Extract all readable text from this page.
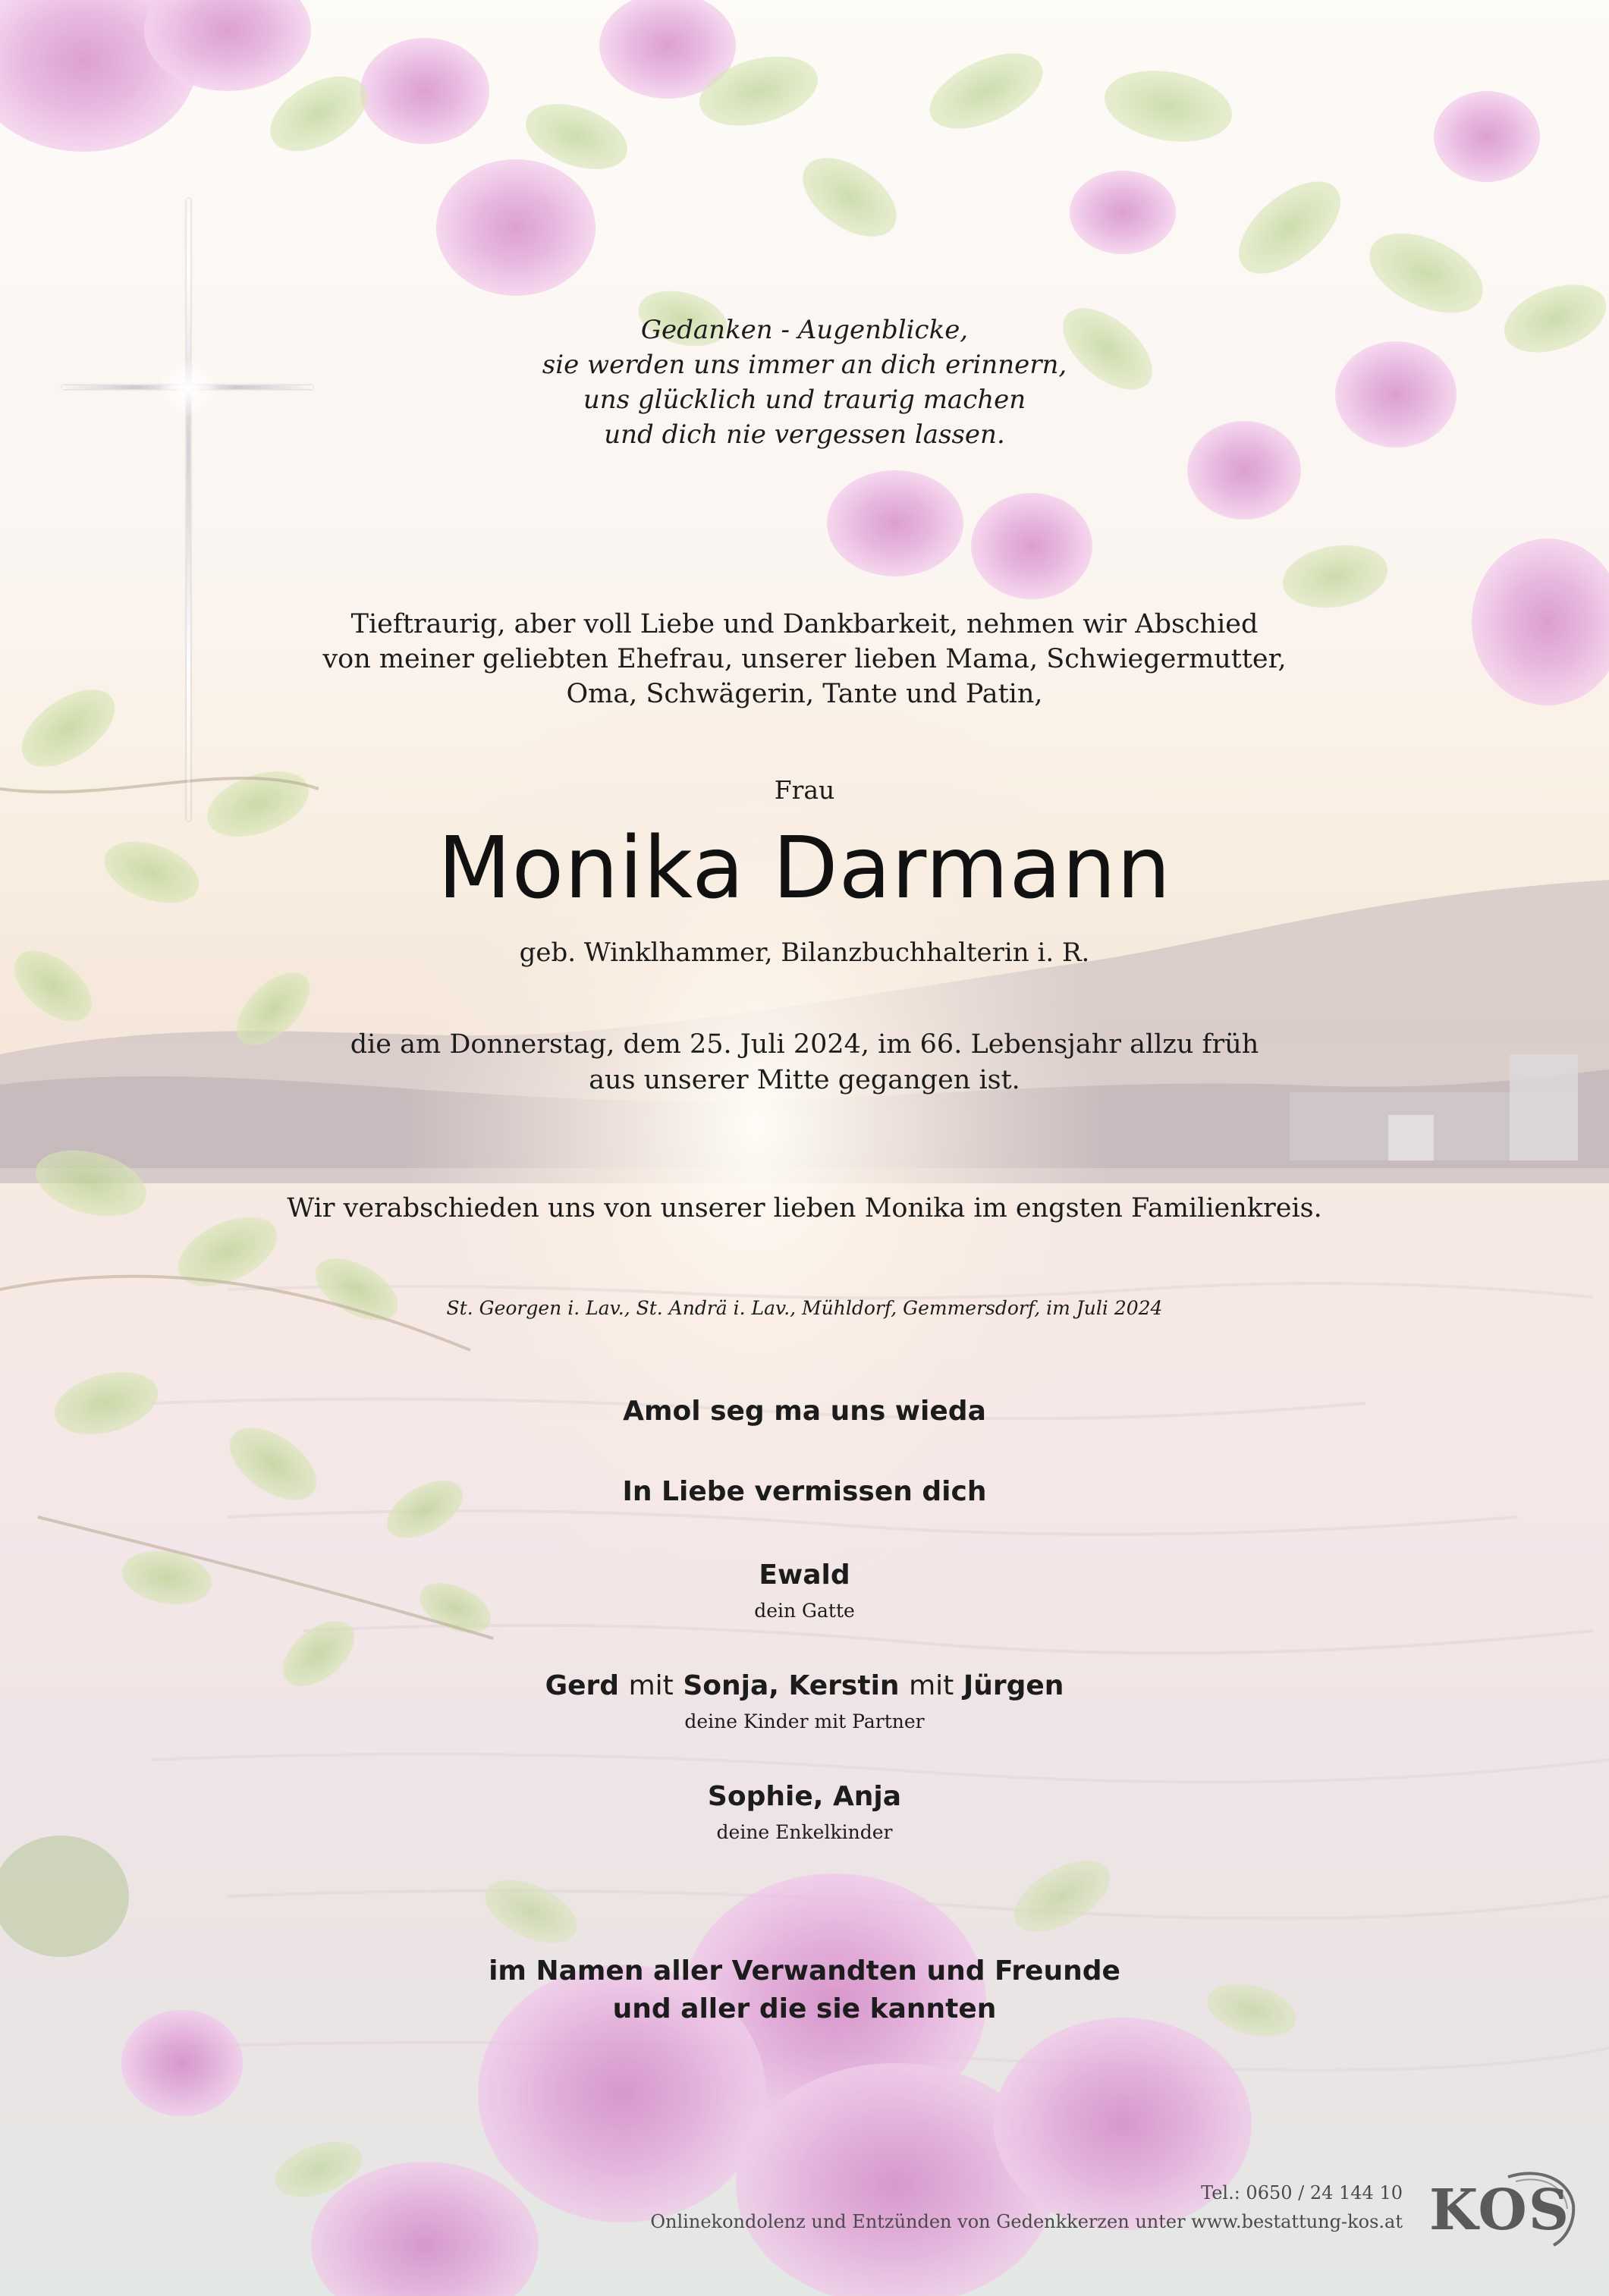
Gedanken - Augenblicke,
sie werden uns immer an dich erinnern,
uns glücklich und traurig machen
und dich nie vergessen lassen.
Tieftraurig, aber voll Liebe und Dankbarkeit, nehmen wir Abschied
von meiner geliebten Ehefrau, unserer lieben Mama, Schwiegermutter,
Oma, Schwägerin, Tante und Patin,
Frau
Monika Darmann
geb. Winklhammer, Bilanzbuchhalterin i. R.
die am Donnerstag, dem 25. Juli 2024, im 66. Lebensjahr allzu früh
aus unserer Mitte gegangen ist.
Wir verabschieden uns von unserer lieben Monika im engsten Familienkreis.
St. Georgen i. Lav., St. Andrä i. Lav., Mühldorf, Gemmersdorf, im Juli 2024
Amol seg ma uns wieda
In Liebe vermissen dich
Ewald
dein Gatte
Gerd mit Sonja, Kerstin mit Jürgen
deine Kinder mit Partner
Sophie, Anja
deine Enkelkinder
im Namen aller Verwandten und Freunde
und aller die sie kannten
Tel.: 0650 / 24 144 10
Onlinekondolenz und Entzünden von Gedenkkerzen unter www.bestattung-kos.at KOS
